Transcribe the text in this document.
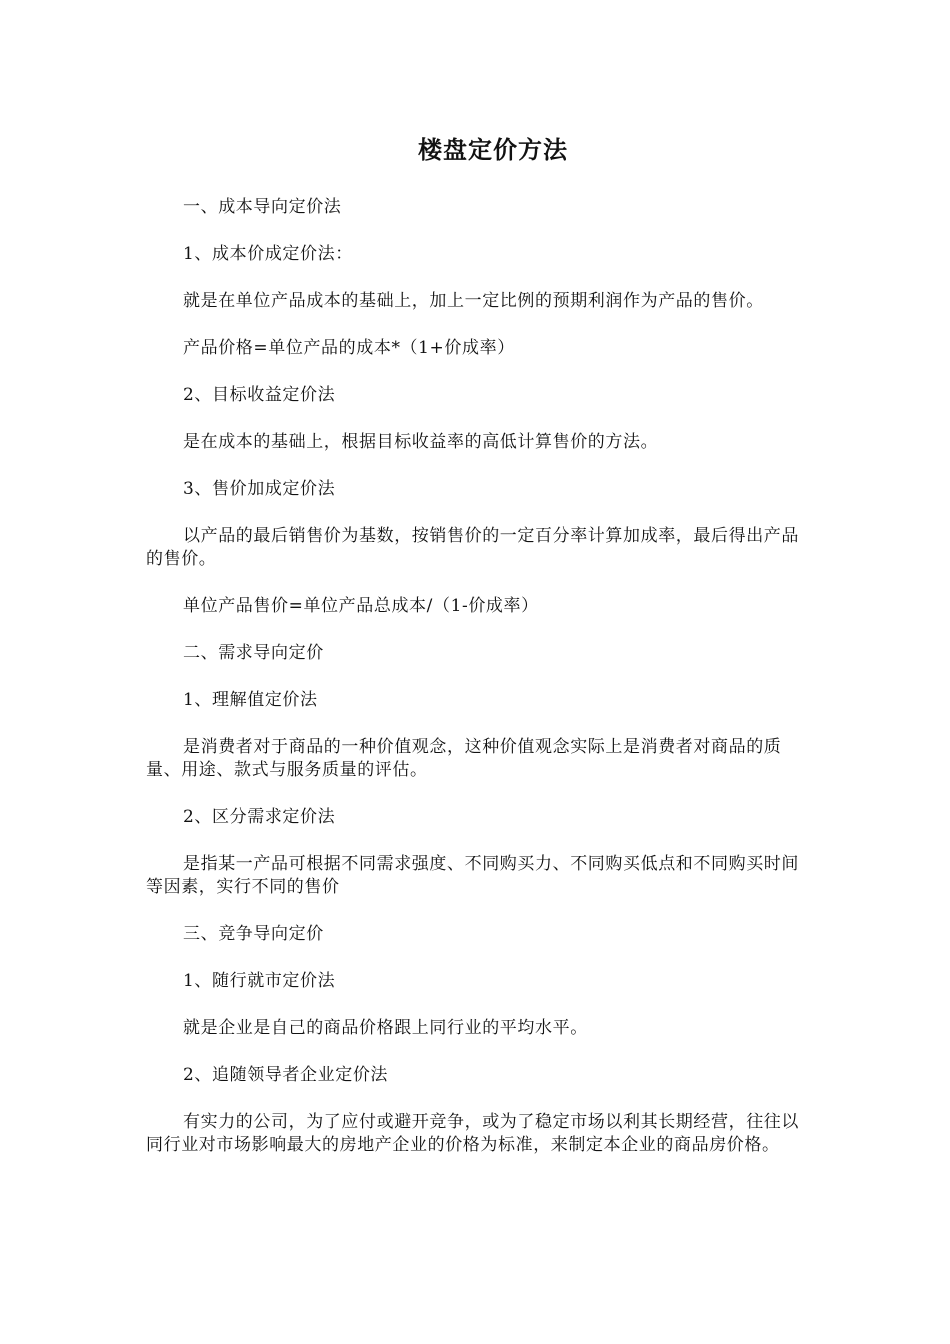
楼盘定价方法

一、成本导向定价法

1、成本价成定价法：

就是在单位产品成本的基础上，加上一定比例的预期利润作为产品的售价。

产品价格=单位产品的成本*（1+价成率）

2、目标收益定价法

是在成本的基础上，根据目标收益率的高低计算售价的方法。

3、售价加成定价法

以产品的最后销售价为基数，按销售价的一定百分率计算加成率，最后得出产品的售价。

单位产品售价=单位产品总成本/（1-价成率）

二、需求导向定价

1、理解值定价法

是消费者对于商品的一种价值观念，这种价值观念实际上是消费者对商品的质量、用途、款式与服务质量的评估。

2、区分需求定价法

是指某一产品可根据不同需求强度、不同购买力、不同购买低点和不同购买时间等因素，实行不同的售价

三、竞争导向定价

1、随行就市定价法

就是企业是自己的商品价格跟上同行业的平均水平。

2、追随领导者企业定价法

有实力的公司，为了应付或避开竞争，或为了稳定市场以利其长期经营，往往以同行业对市场影响最大的房地产企业的价格为标准，来制定本企业的商品房价格。
